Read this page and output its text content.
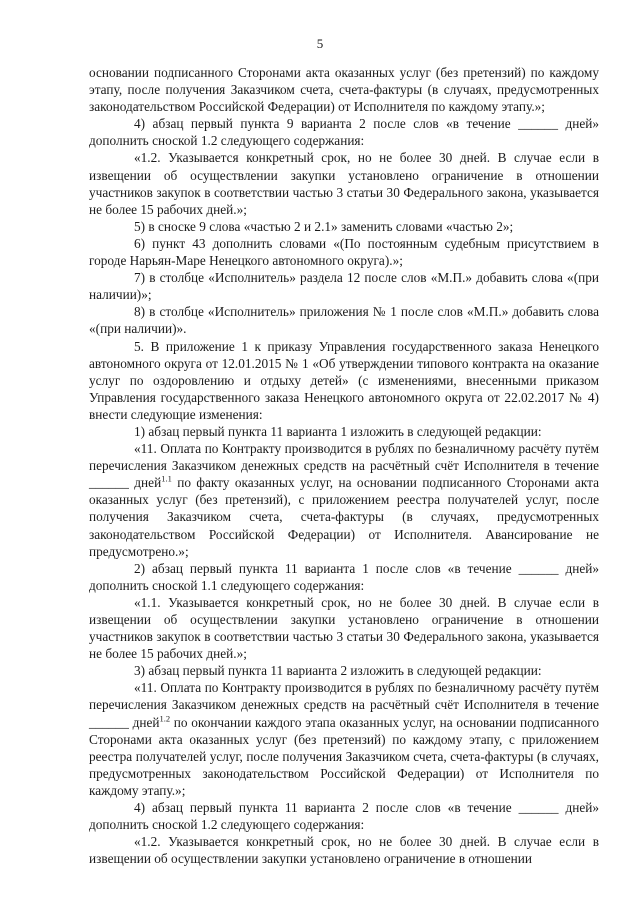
5

основании подписанного Сторонами акта оказанных услуг (без претензий) по каждому этапу, после получения Заказчиком счета, счета-фактуры (в случаях, предусмотренных законодательством Российской Федерации) от Исполнителя по каждому этапу.»;

4) абзац первый пункта 9 варианта 2 после слов «в течение ______ дней» дополнить сноской 1.2 следующего содержания:

«1.2. Указывается конкретный срок, но не более 30 дней. В случае если в извещении об осуществлении закупки установлено ограничение в отношении участников закупок в соответствии частью 3 статьи 30 Федерального закона, указывается не более 15 рабочих дней.»;

5) в сноске 9 слова «частью 2 и 2.1» заменить словами «частью 2»;

6) пункт 43 дополнить словами «(По постоянным судебным присутствием в городе Нарьян-Маре Ненецкого автономного округа).»;

7) в столбце «Исполнитель» раздела 12 после слов «М.П.» добавить слова «(при наличии)»;

8) в столбце «Исполнитель» приложения № 1 после слов «М.П.» добавить слова «(при наличии)».

5. В приложение 1 к приказу Управления государственного заказа Ненецкого автономного округа от 12.01.2015 № 1 «Об утверждении типового контракта на оказание услуг по оздоровлению и отдыху детей» (с изменениями, внесенными приказом Управления государственного заказа Ненецкого автономного округа от 22.02.2017 № 4) внести следующие изменения:

1) абзац первый пункта 11 варианта 1 изложить в следующей редакции:

«11. Оплата по Контракту производится в рублях по безналичному расчёту путём перечисления Заказчиком денежных средств на расчётный счёт Исполнителя в течение ______ дней$^{1.1}$ по факту оказанных услуг, на основании подписанного Сторонами акта оказанных услуг (без претензий), с приложением реестра получателей услуг, после получения Заказчиком счета, счета-фактуры (в случаях, предусмотренных законодательством Российской Федерации) от Исполнителя. Авансирование не предусмотрено.»;

2) абзац первый пункта 11 варианта 1 после слов «в течение ______ дней» дополнить сноской 1.1 следующего содержания:

«1.1. Указывается конкретный срок, но не более 30 дней. В случае если в извещении об осуществлении закупки установлено ограничение в отношении участников закупок в соответствии частью 3 статьи 30 Федерального закона, указывается не более 15 рабочих дней.»;

3) абзац первый пункта 11 варианта 2 изложить в следующей редакции:

«11. Оплата по Контракту производится в рублях по безналичному расчёту путём перечисления Заказчиком денежных средств на расчётный счёт Исполнителя в течение ______ дней$^{1.2}$ по окончании каждого этапа оказанных услуг, на основании подписанного Сторонами акта оказанных услуг (без претензий) по каждому этапу, с приложением реестра получателей услуг, после получения Заказчиком счета, счета-фактуры (в случаях, предусмотренных законодательством Российской Федерации) от Исполнителя по каждому этапу.»;

4) абзац первый пункта 11 варианта 2 после слов «в течение ______ дней» дополнить сноской 1.2 следующего содержания:

«1.2. Указывается конкретный срок, но не более 30 дней. В случае если в извещении об осуществлении закупки установлено ограничение в отношении
